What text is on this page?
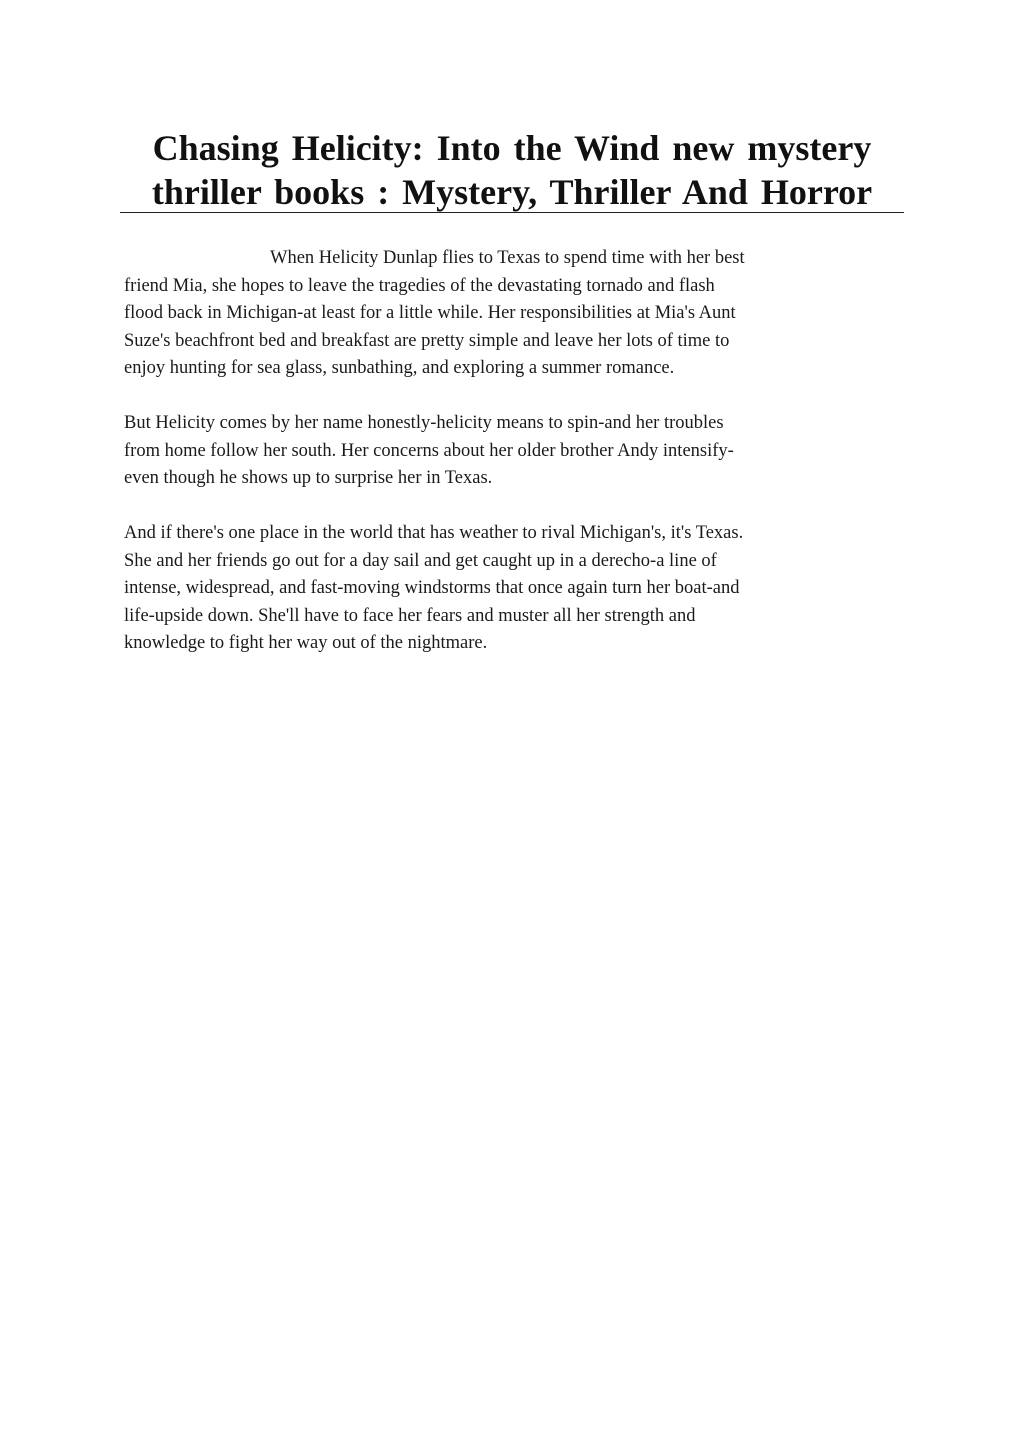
Chasing Helicity: Into the Wind new mystery
thriller books : Mystery, Thriller And Horror

When Helicity Dunlap flies to Texas to spend time with her best
friend Mia, she hopes to leave the tragedies of the devastating tornado and flash
flood back in Michigan-at least for a little while. Her responsibilities at Mia's Aunt
Suze's beachfront bed and breakfast are pretty simple and leave her lots of time to
enjoy hunting for sea glass, sunbathing, and exploring a summer romance.

But Helicity comes by her name honestly-helicity means to spin-and her troubles
from home follow her south. Her concerns about her older brother Andy intensify-
even though he shows up to surprise her in Texas.

And if there's one place in the world that has weather to rival Michigan's, it's Texas.
She and her friends go out for a day sail and get caught up in a derecho-a line of
intense, widespread, and fast-moving windstorms that once again turn her boat-and
life-upside down. She'll have to face her fears and muster all her strength and
knowledge to fight her way out of the nightmare.
